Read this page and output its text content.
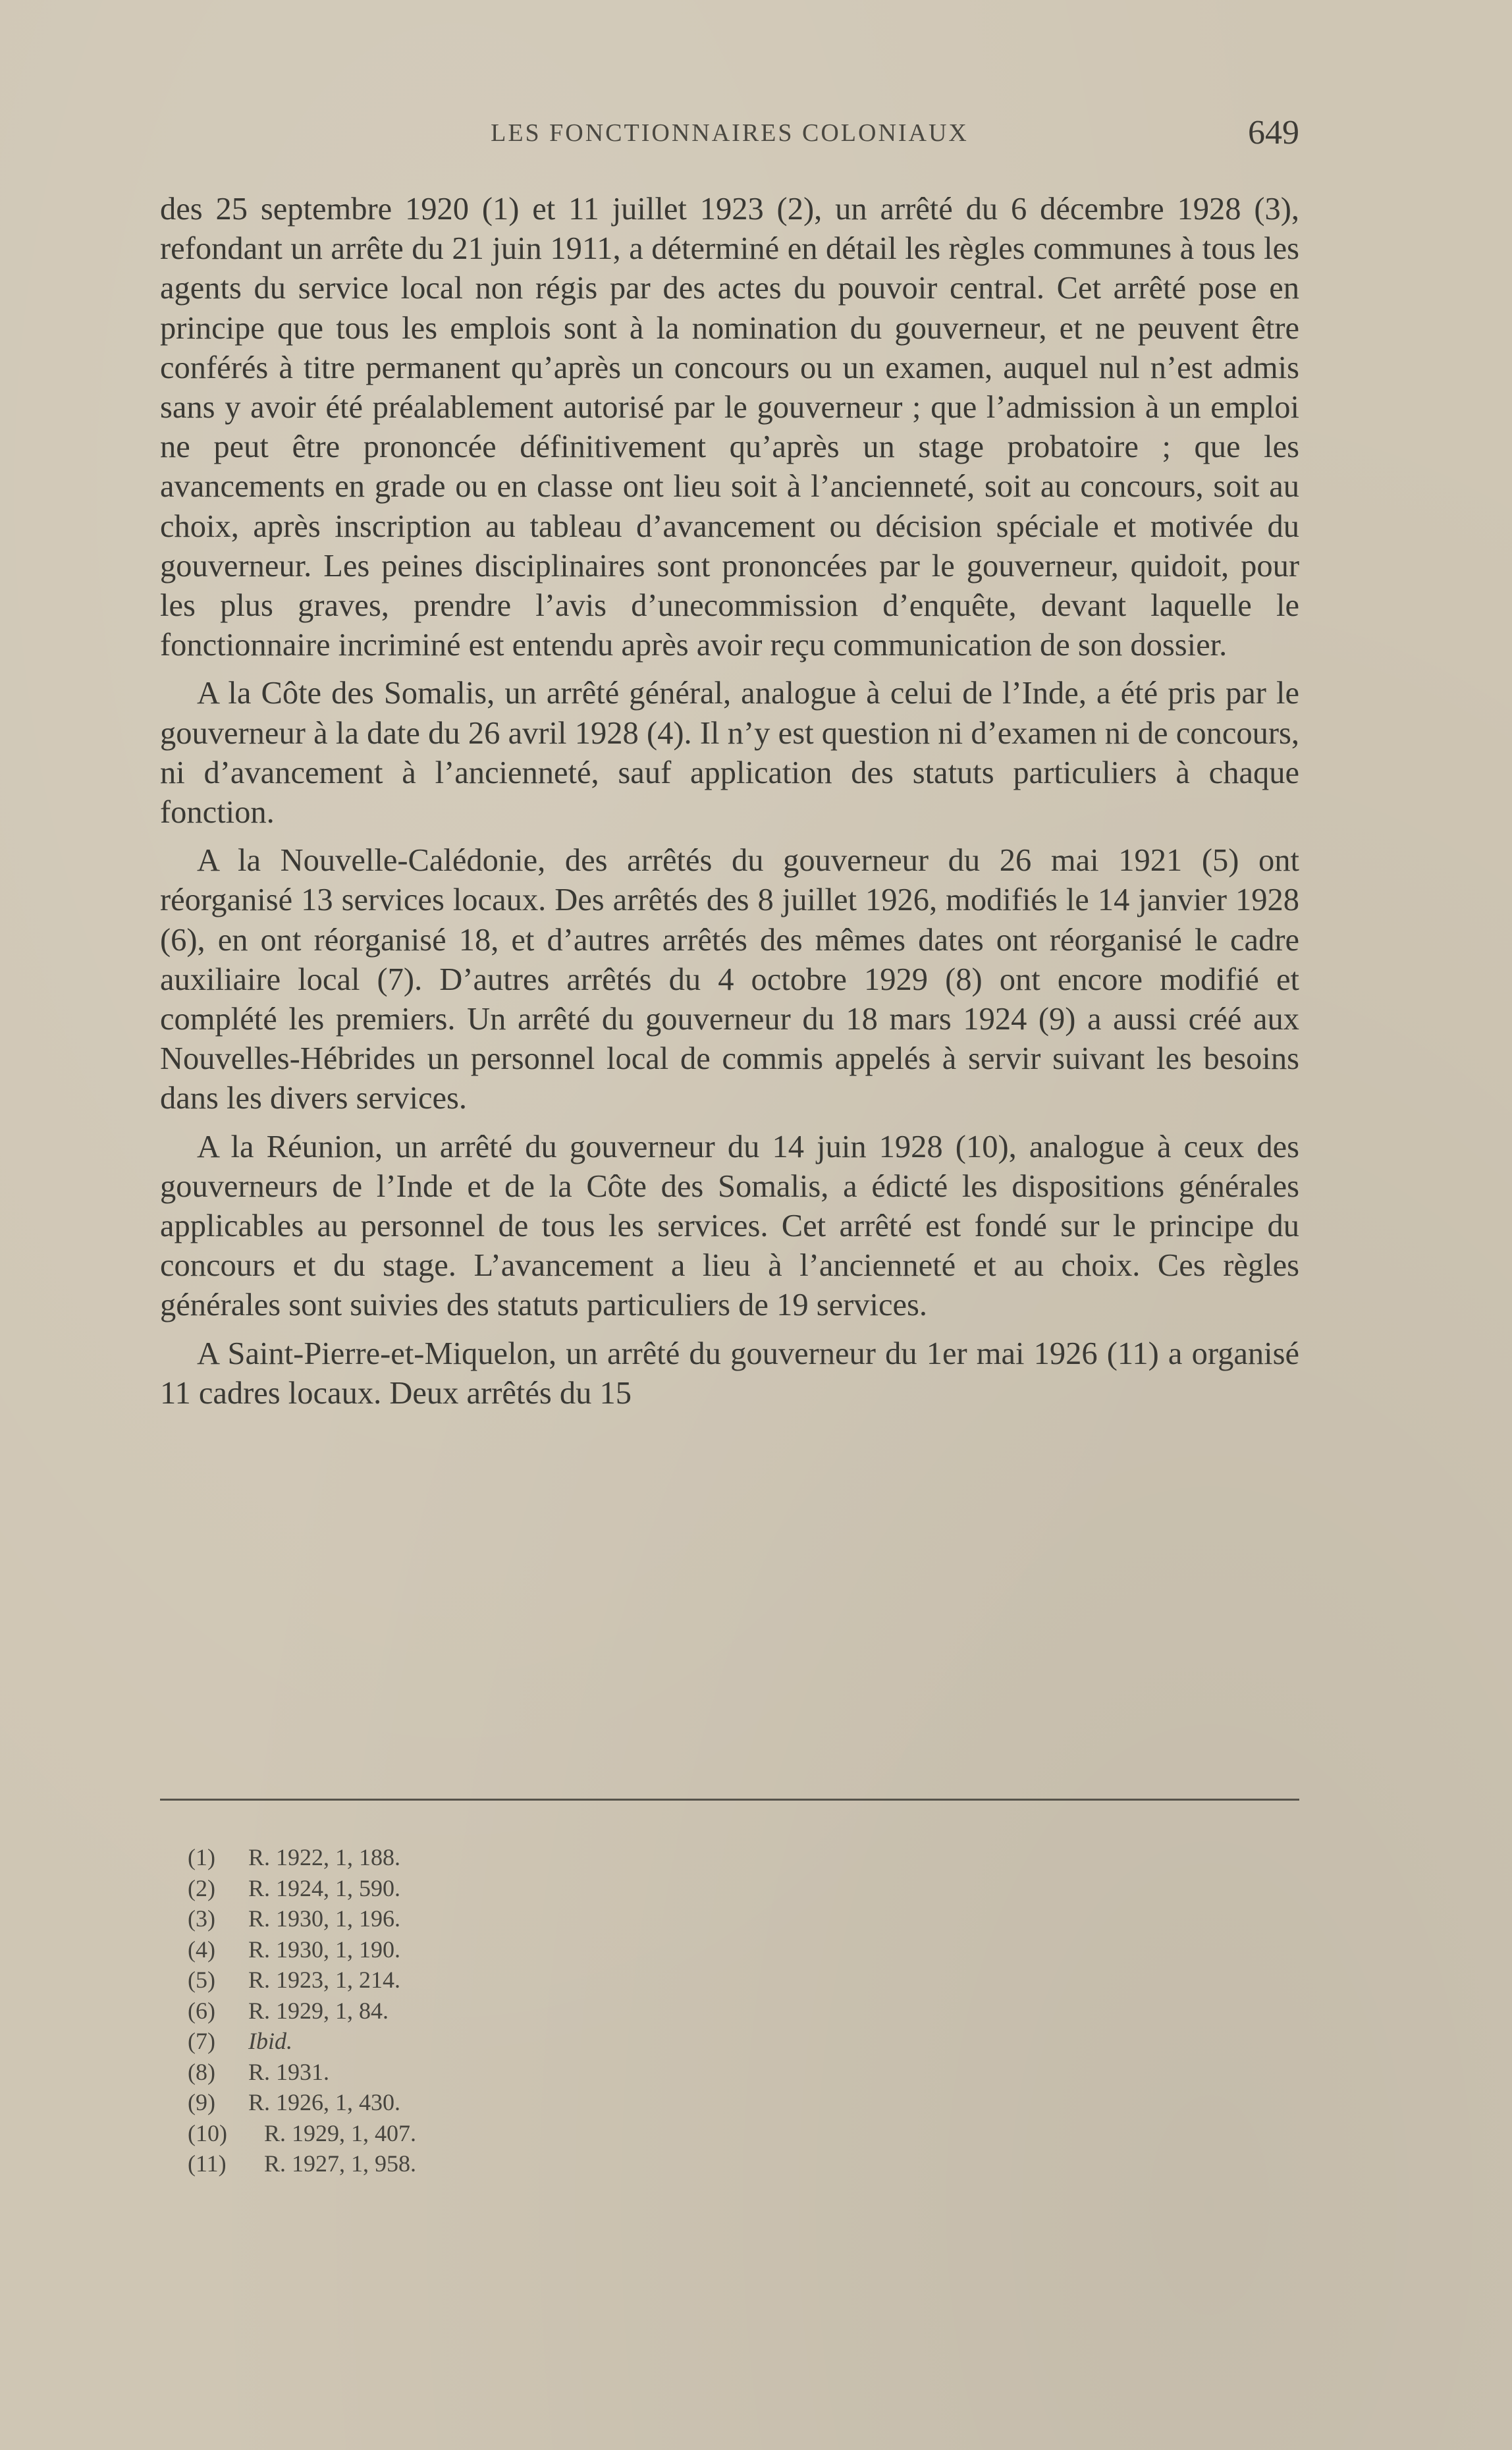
LES FONCTIONNAIRES COLONIAUX	649

des 25 septembre 1920 (1) et 11 juillet 1923 (2), un arrêté du 6 décembre 1928 (3), refondant un arrête du 21 juin 1911, a déterminé en détail les règles communes à tous les agents du service local non régis par des actes du pouvoir central. Cet arrêté pose en principe que tous les emplois sont à la nomination du gouverneur, et ne peuvent être conférés à titre permanent qu’après un concours ou un examen, auquel nul n’est admis sans y avoir été préalablement autorisé par le gouverneur ; que l’admission à un emploi ne peut être prononcée définitivement qu’après un stage probatoire ; que les avancements en grade ou en classe ont lieu soit à l’ancienneté, soit au concours, soit au choix, après inscription au tableau d’avancement ou décision spéciale et motivée du gouverneur. Les peines disciplinaires sont prononcées par le gouverneur, quidoit, pour les plus graves, prendre l’avis d’unecommission d’enquête, devant laquelle le fonctionnaire incriminé est entendu après avoir reçu communication de son dossier.

A la Côte des Somalis, un arrêté général, analogue à celui de l’Inde, a été pris par le gouverneur à la date du 26 avril 1928 (4). Il n’y est question ni d’examen ni de concours, ni d’avancement à l’ancienneté, sauf application des statuts particuliers à chaque fonction.

A la Nouvelle-Calédonie, des arrêtés du gouverneur du 26 mai 1921 (5) ont réorganisé 13 services locaux. Des arrêtés des 8 juillet 1926, modifiés le 14 janvier 1928 (6), en ont réorganisé 18, et d’autres arrêtés des mêmes dates ont réorganisé le cadre auxiliaire local (7). D’autres arrêtés du 4 octobre 1929 (8) ont encore modifié et complété les premiers. Un arrêté du gouverneur du 18 mars 1924 (9) a aussi créé aux Nouvelles-Hébrides un personnel local de commis appelés à servir suivant les besoins dans les divers services.

A la Réunion, un arrêté du gouverneur du 14 juin 1928 (10), analogue à ceux des gouverneurs de l’Inde et de la Côte des Somalis, a édicté les dispositions générales applicables au personnel de tous les services. Cet arrêté est fondé sur le principe du concours et du stage. L’avancement a lieu à l’ancienneté et au choix. Ces règles générales sont suivies des statuts particuliers de 19 services.

A Saint-Pierre-et-Miquelon, un arrêté du gouverneur du 1er mai 1926 (11) a organisé 11 cadres locaux. Deux arrêtés du 15

(1) R. 1922, 1, 188.
(2) R. 1924, 1, 590.
(3) R. 1930, 1, 196.
(4) R. 1930, 1, 190.
(5) R. 1923, 1, 214.
(6) R. 1929, 1, 84.
(7) Ibid.
(8) R. 1931.
(9) R. 1926, 1, 430.
(10) R. 1929, 1, 407.
(11) R. 1927, 1, 958.
